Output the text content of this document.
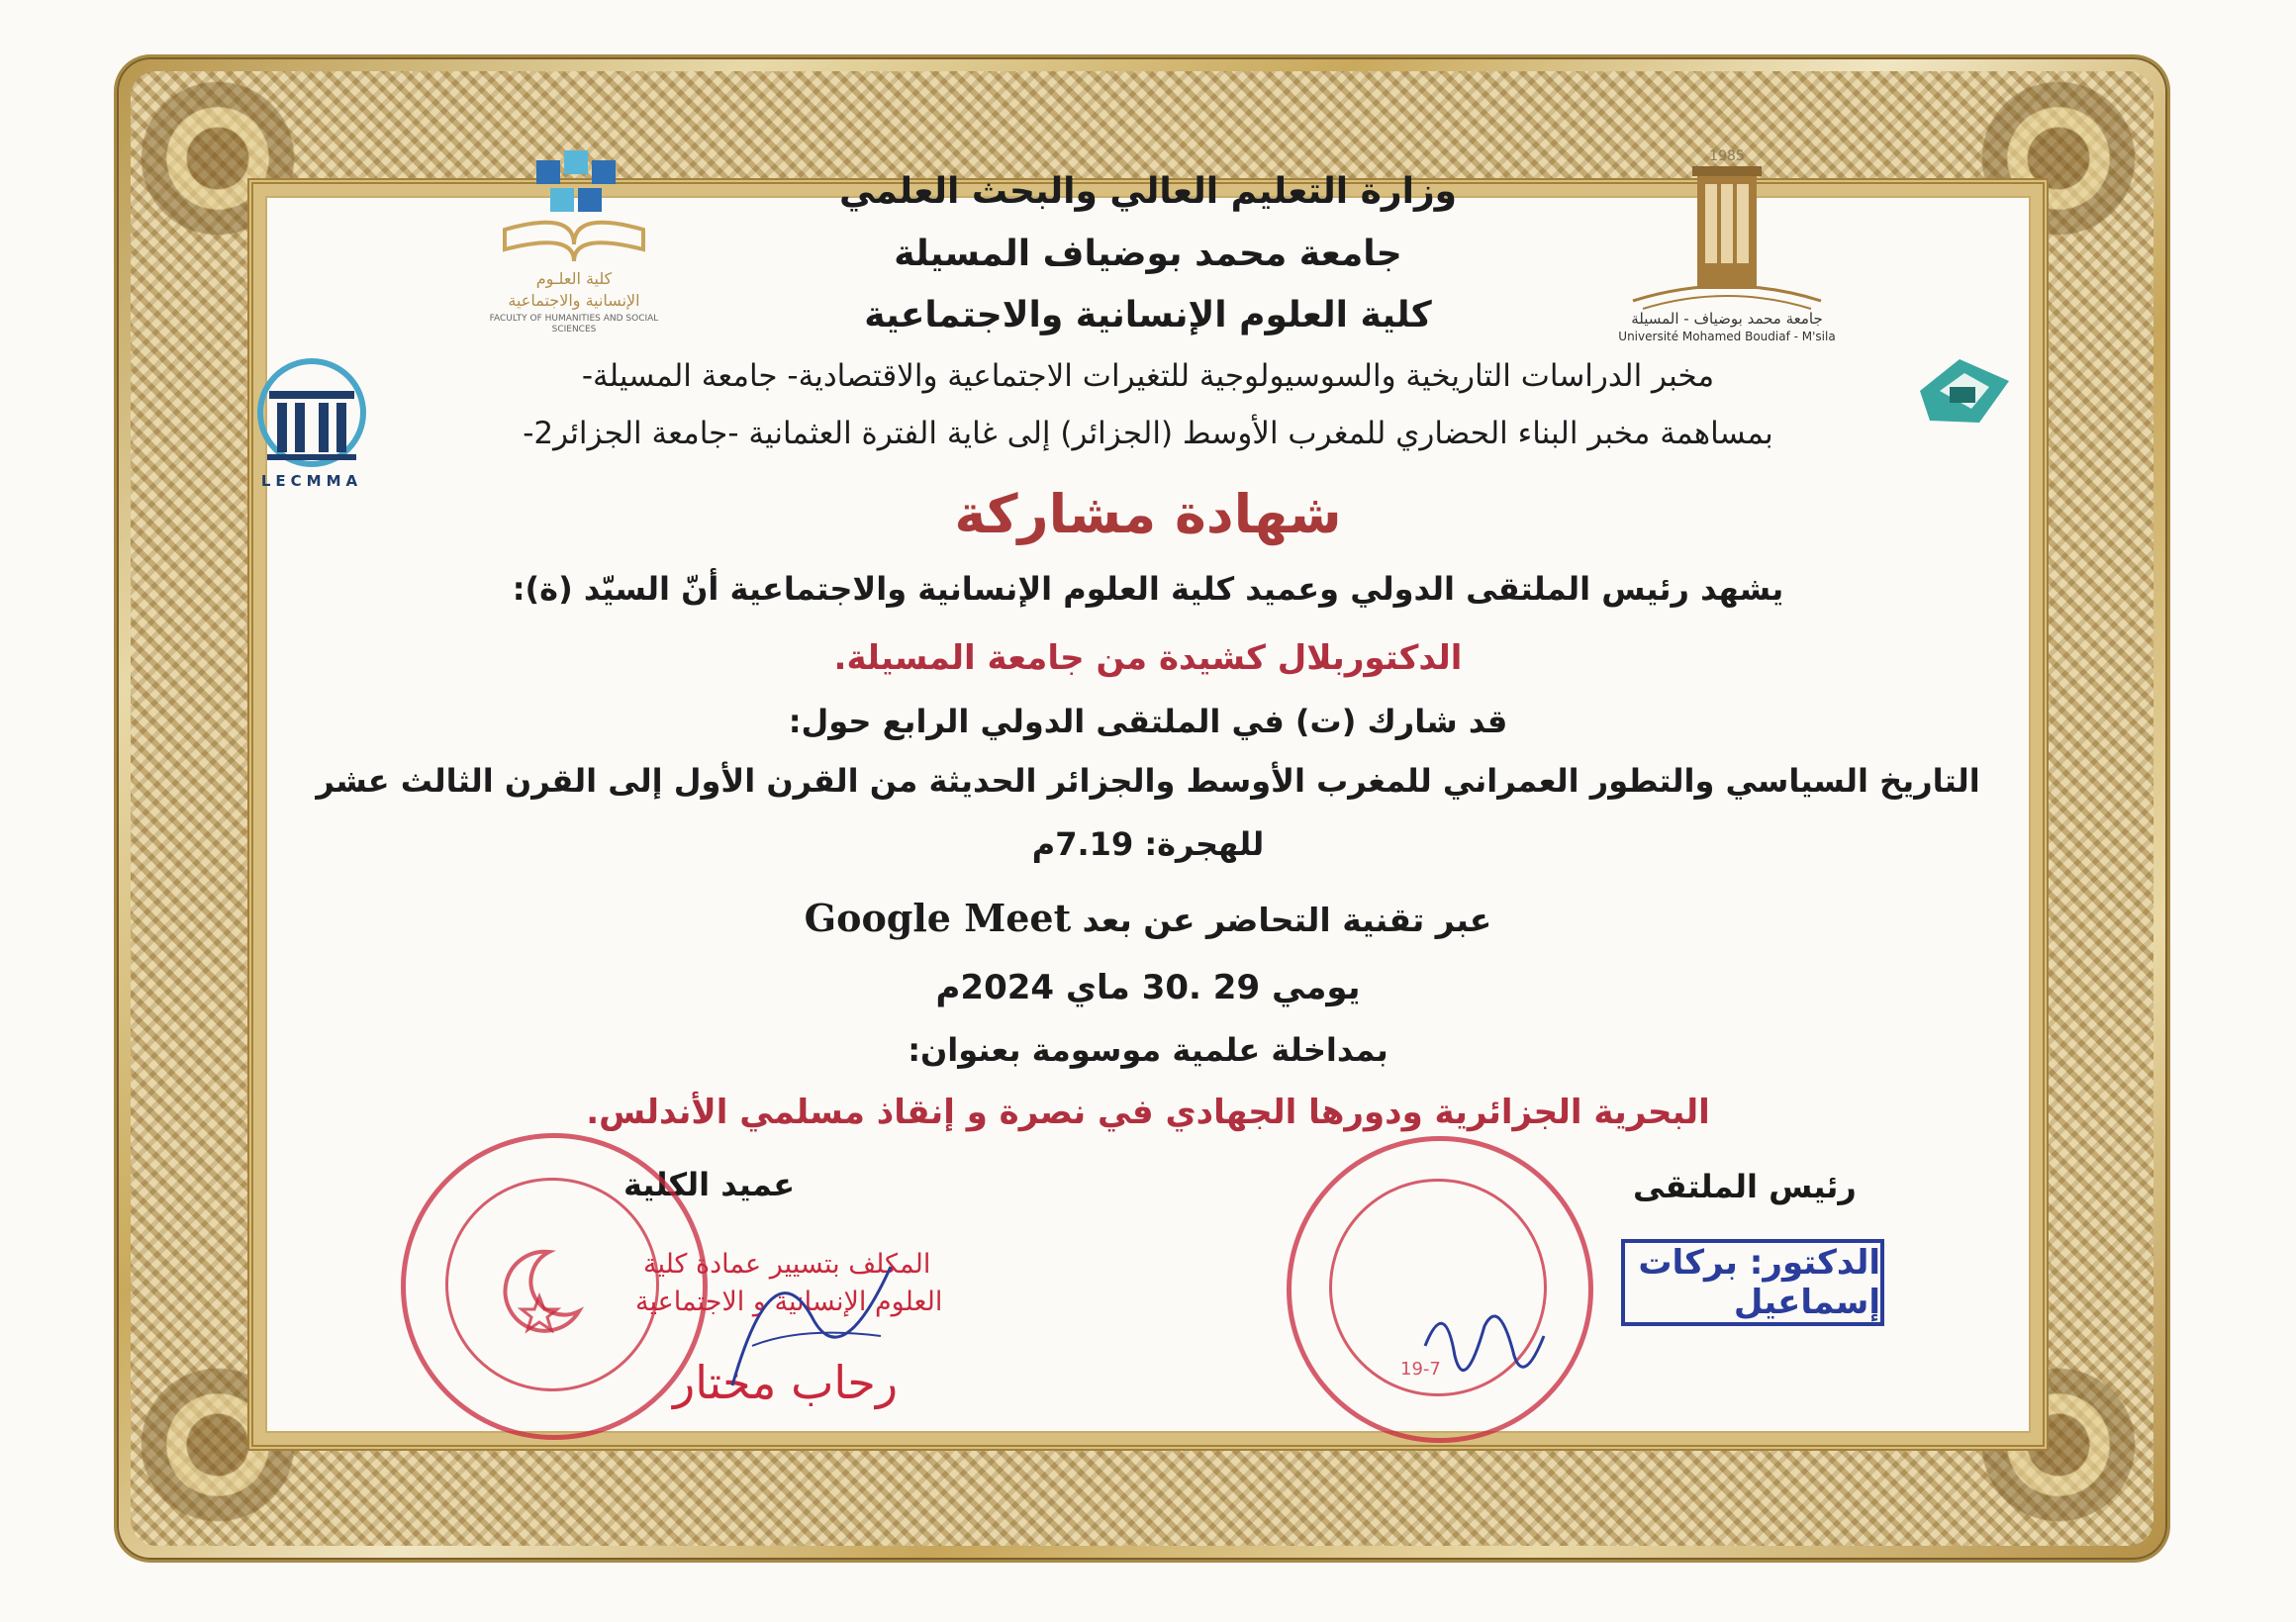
1985
جامعة محمد بوضياف - المسيلة
Université Mohamed Boudiaf - M'sila
كلية العلـوم
الإنسانية والاجتماعية
FACULTY OF HUMANITIES AND SOCIAL SCIENCES
LECMMA
وزارة التعليم العالي والبحث العلمي
جامعة محمد بوضياف المسيلة
كلية العلوم الإنسانية والاجتماعية
مخبر الدراسات التاريخية والسوسيولوجية للتغيرات الاجتماعية والاقتصادية- جامعة المسيلة-
بمساهمة مخبر البناء الحضاري للمغرب الأوسط (الجزائر) إلى غاية الفترة العثمانية -جامعة الجزائر2-
شهادة مشاركة
يشهد رئيس الملتقى الدولي وعميد كلية العلوم الإنسانية والاجتماعية أنّ السيّد (ة):
الدكتوربلال كشيدة من جامعة المسيلة.
قد شارك (ت) في الملتقى الدولي الرابع حول:
التاريخ السياسي والتطور العمراني للمغرب الأوسط والجزائر الحديثة من القرن الأول إلى القرن الثالث عشر
للهجرة: 7.19م
عبر تقنية التحاضر عن بعد Google Meet
يومي 29 .30 ماي 2024م
بمداخلة علمية موسومة بعنوان:
البحرية الجزائرية ودورها الجهادي في نصرة و إنقاذ مسلمي الأندلس.
رئيس الملتقى
عميد الكلية
المكلف بتسيير عمادة كلية
العلوم الإنسانية و الاجتماعية
رحاب مختار	19-7
الدكتور: بركات إسماعيل
